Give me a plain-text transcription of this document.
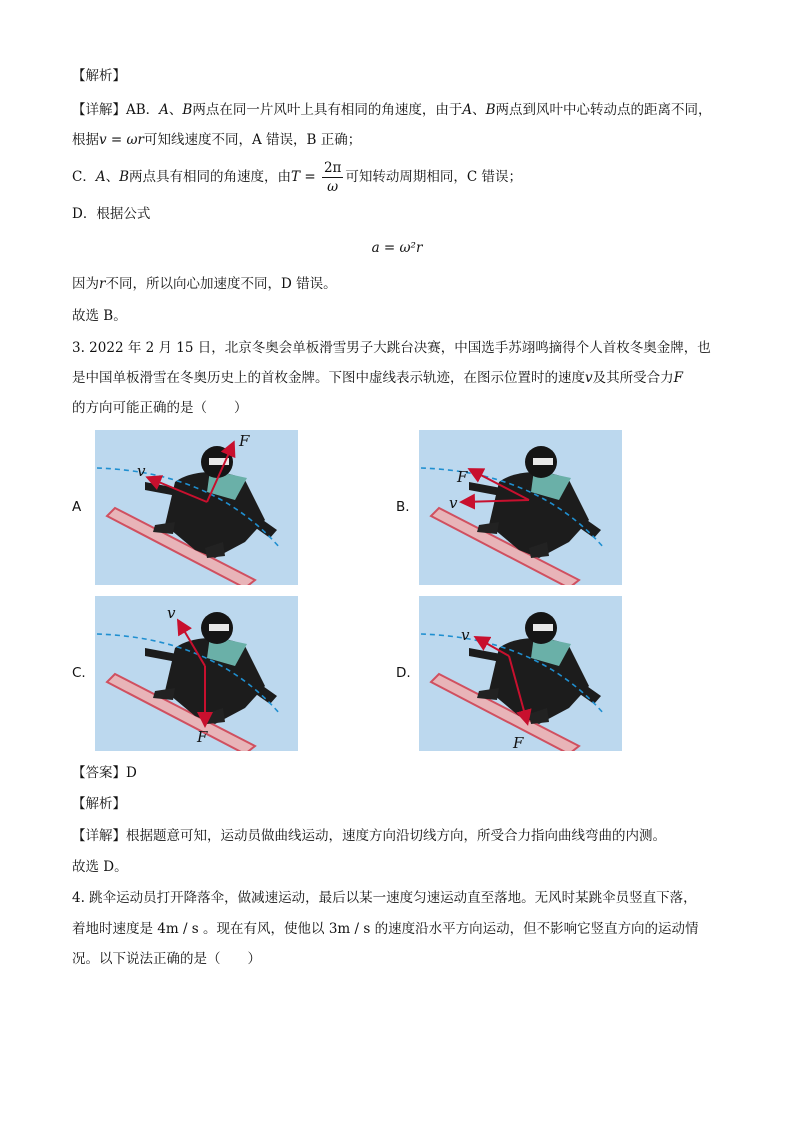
【解析】
【详解】AB．A、B两点在同一片风叶上具有相同的角速度，由于A、B两点到风叶中心转动点的距离不同，
根据v = ωr可知线速度不同，A 错误，B 正确；
C．A、B两点具有相同的角速度，由$T = \frac{2\pi}{\omega}$ 可知转动周期相同，C 错误；
D．根据公式
a = ω²r
因为r不同，所以向心加速度不同，D 错误。
故选 B。
3. 2022 年 2 月 15 日，北京冬奥会单板滑雪男子大跳台决赛，中国选手苏翊鸣摘得个人首枚冬奥金牌，也
是中国单板滑雪在冬奥历史上的首枚金牌。下图中虚线表示轨迹，在图示位置时的速度v及其所受合力F
的方向可能正确的是（　　）
A	B.
C.	D.
v
F
F
v
v
F
v
F
【答案】D
【解析】
【详解】根据题意可知，运动员做曲线运动，速度方向沿切线方向，所受合力指向曲线弯曲的内测。
故选 D。
4. 跳伞运动员打开降落伞，做减速运动，最后以某一速度匀速运动直至落地。无风时某跳伞员竖直下落，
着地时速度是 4m / s 。现在有风，使他以 3m / s 的速度沿水平方向运动，但不影响它竖直方向的运动情
况。以下说法正确的是（　　）
